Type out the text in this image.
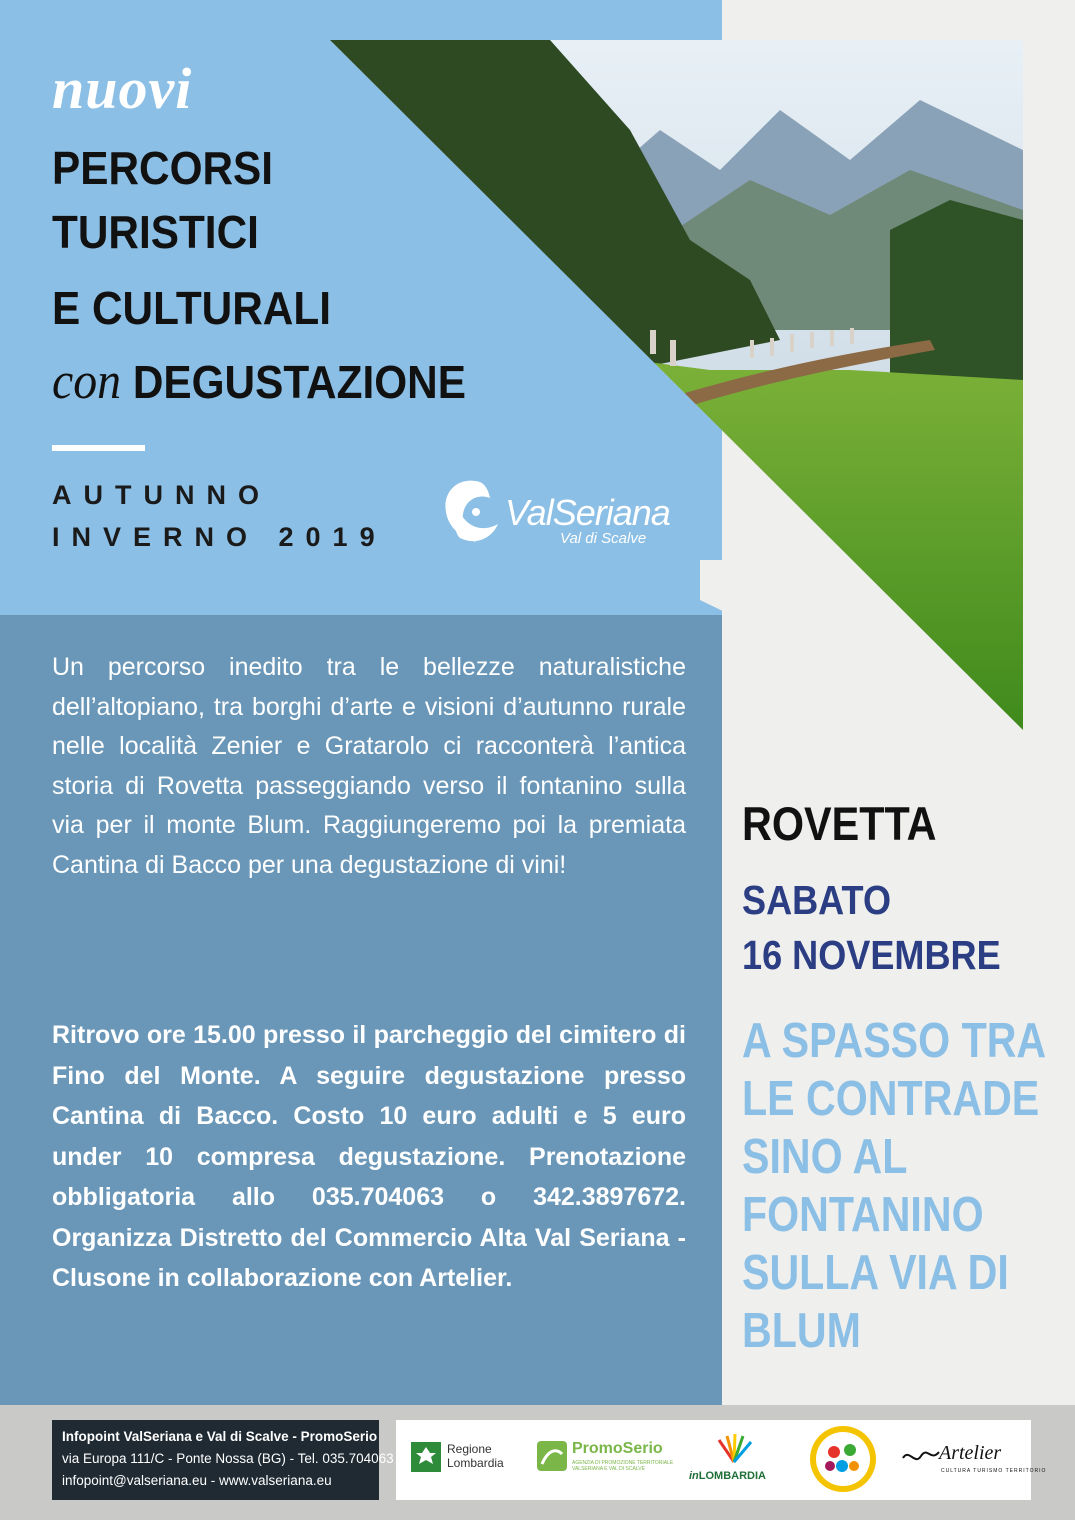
nuovi
PERCORSI
TURISTICI
E CULTURALI
con DEGUSTAZIONE
AUTUNNO
INVERNO 2019
ValSeriana
Val di Scalve
Un percorso inedito tra le bellezze naturalistiche dell’altopiano, tra borghi d’arte e visioni d’autunno rurale nelle località Zenier e Gratarolo ci racconterà l’antica storia di Rovetta passeggiando verso il fontanino sulla via per il monte Blum. Raggiungeremo poi la premiata Cantina di Bacco per una degustazione di vini!
Ritrovo ore 15.00 presso il parcheggio del cimitero di Fino del Monte. A seguire degustazione presso Cantina di Bacco. Costo 10 euro adulti e 5 euro under 10 compresa degustazione. Prenotazione obbligatoria allo 035.704063 o 342.3897672. Organizza Distretto del Commercio Alta Val Seriana - Clusone in collaborazione con Artelier.
ROVETTA
SABATO
16 NOVEMBRE
A SPASSO TRA
LE CONTRADE
SINO AL
FONTANINO
SULLA VIA DI
BLUM
Infopoint ValSeriana e Val di Scalve - PromoSerio
via Europa 111/C - Ponte Nossa (BG) - Tel. 035.704063
infopoint@valseriana.eu - www.valseriana.eu
Regione
Lombardia
PromoSerio
AGENZIA DI PROMOZIONE TERRITORIALE
VALSERIANA E VAL DI SCALVE
inLOMBARDIA
Artelier
CULTURA TURISMO TERRITORIO
